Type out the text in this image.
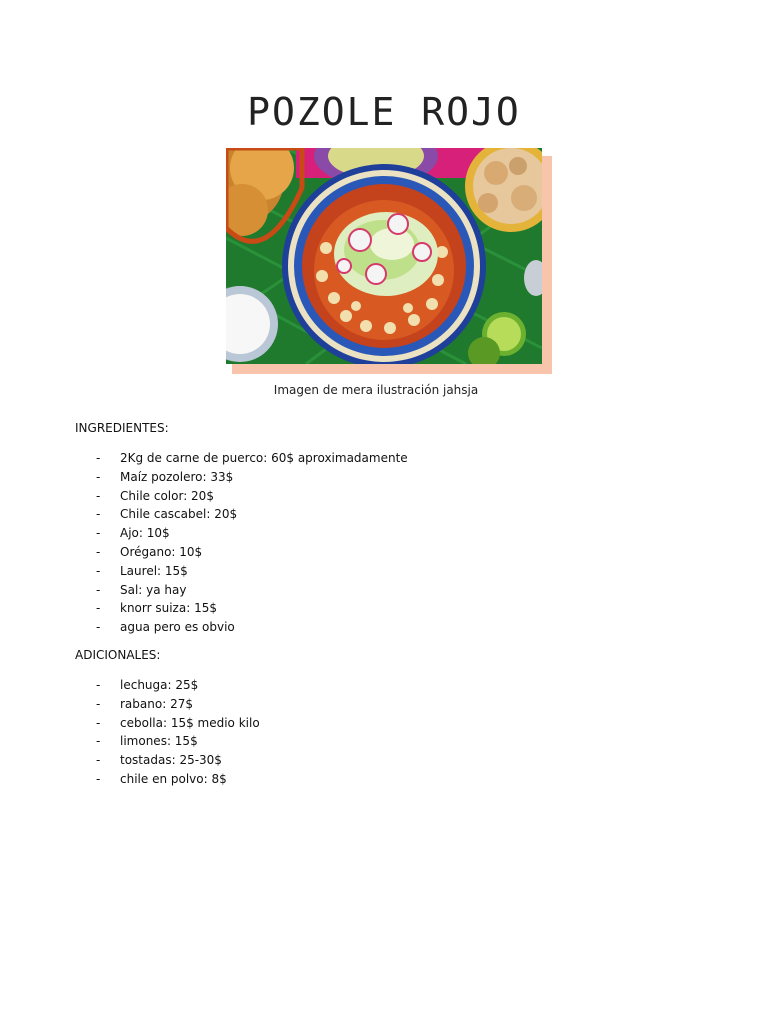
POZOLE ROJO
Imagen de mera ilustración jahsja
INGREDIENTES:
- 2Kg de carne de puerco: 60$ aproximadamente
- Maíz pozolero: 33$
- Chile color: 20$
- Chile cascabel: 20$
- Ajo: 10$
- Orégano: 10$
- Laurel: 15$
- Sal: ya hay
- knorr suiza: 15$
- agua pero es obvio
ADICIONALES:
- lechuga: 25$
- rabano: 27$
- cebolla: 15$ medio kilo
- limones: 15$
- tostadas: 25-30$
- chile en polvo: 8$
